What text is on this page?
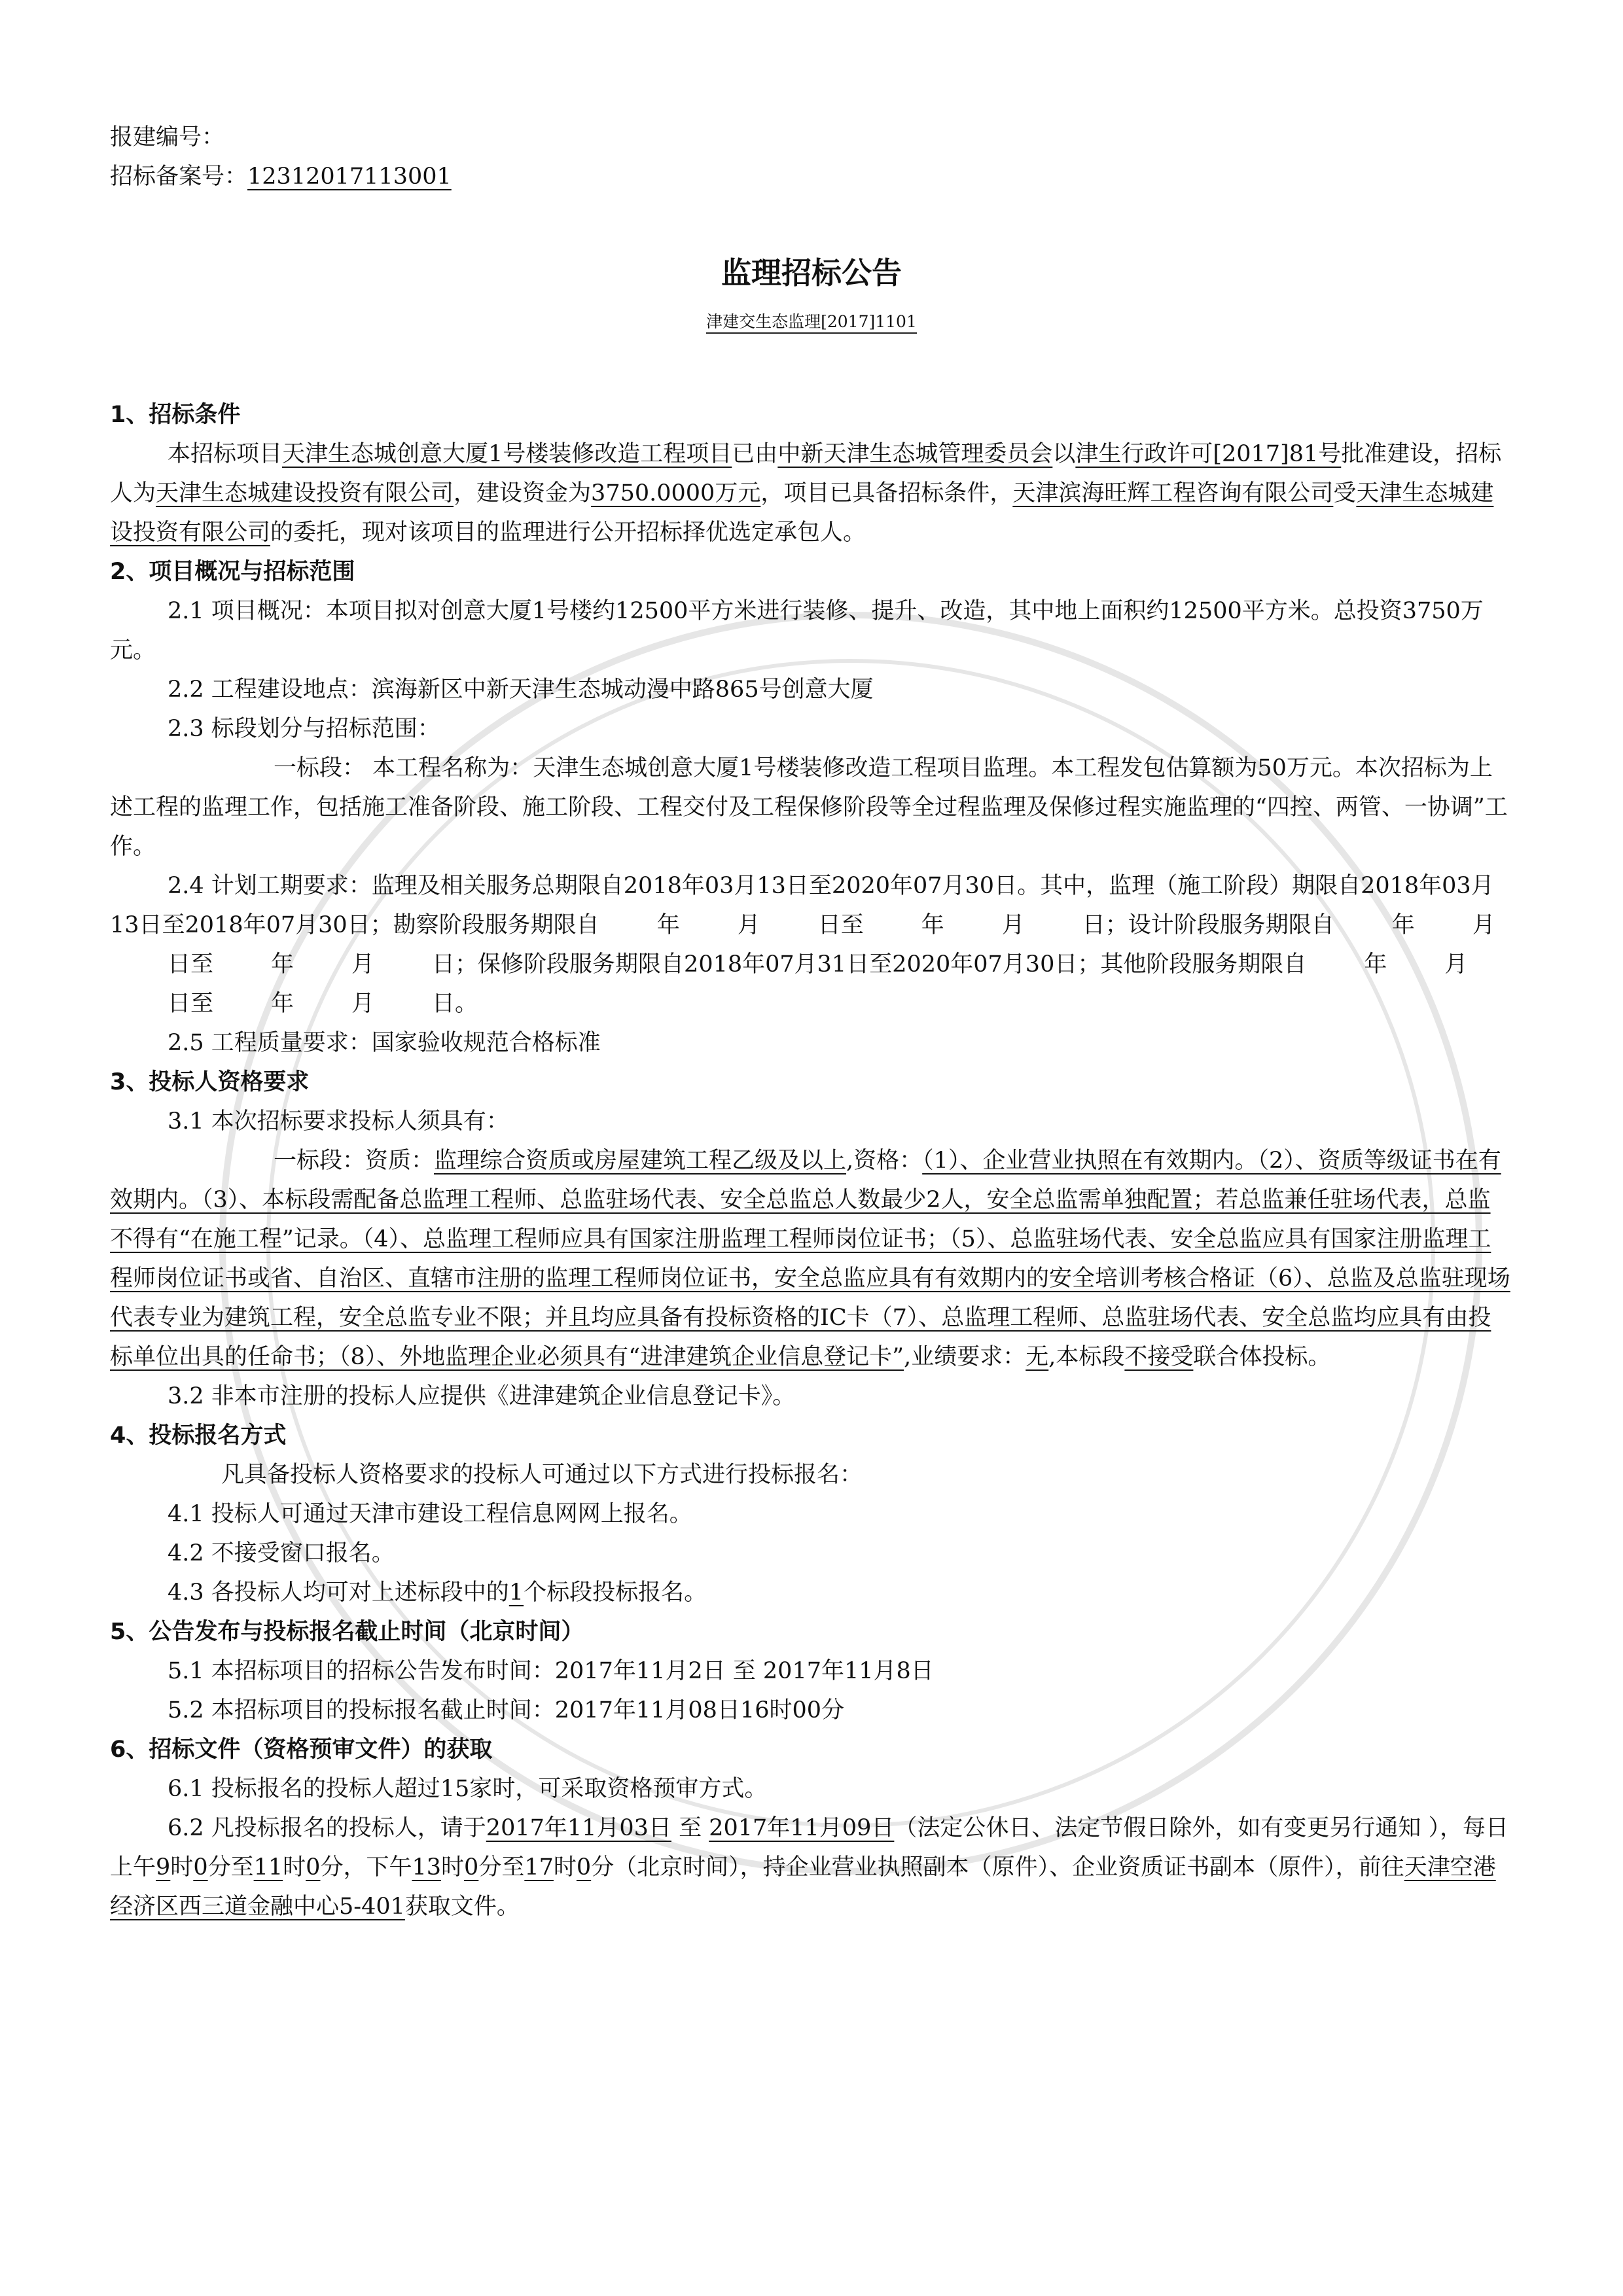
报建编号：

招标备案号：12312017113001

监理招标公告
津建交生态监理[2017]1101

1、招标条件

本招标项目天津生态城创意大厦1号楼装修改造工程项目已由中新天津生态城管理委员会以津生行政许可[2017]81号批准建设，招标人为天津生态城建设投资有限公司，建设资金为3750.0000万元，项目已具备招标条件，天津滨海旺辉工程咨询有限公司受天津生态城建设投资有限公司的委托，现对该项目的监理进行公开招标择优选定承包人。

2、项目概况与招标范围

2.1 项目概况：本项目拟对创意大厦1号楼约12500平方米进行装修、提升、改造，其中地上面积约12500平方米。总投资3750万元。

2.2 工程建设地点：滨海新区中新天津生态城动漫中路865号创意大厦

2.3 标段划分与招标范围：

一标段： 本工程名称为：天津生态城创意大厦1号楼装修改造工程项目监理。本工程发包估算额为50万元。本次招标为上述工程的监理工作，包括施工准备阶段、施工阶段、工程交付及工程保修阶段等全过程监理及保修过程实施监理的“四控、两管、一协调”工作。

2.4 计划工期要求：监理及相关服务总期限自2018年03月13日至2020年07月30日。其中，监理（施工阶段）期限自2018年03月13日至2018年07月30日；勘察阶段服务期限自	年	月	日至	年	月	日；设计阶段服务期限自	年	月日至	年	月	日；保修阶段服务期限自2018年07月31日至2020年07月30日；其他阶段服务期限自	年	月日至	年	月	日。

2.5 工程质量要求：国家验收规范合格标准

3、投标人资格要求

3.1 本次招标要求投标人须具有：

一标段：资质：监理综合资质或房屋建筑工程乙级及以上,资格：（1）、企业营业执照在有效期内。（2）、资质等级证书在有效期内。（3）、本标段需配备总监理工程师、总监驻场代表、安全总监总人数最少2人，安全总监需单独配置；若总监兼任驻场代表，总监不得有“在施工程”记录。（4）、总监理工程师应具有国家注册监理工程师岗位证书；（5）、总监驻场代表、安全总监应具有国家注册监理工程师岗位证书或省、自治区、直辖市注册的监理工程师岗位证书，安全总监应具有有效期内的安全培训考核合格证（6）、总监及总监驻现场代表专业为建筑工程，安全总监专业不限；并且均应具备有投标资格的IC卡（7）、总监理工程师、总监驻场代表、安全总监均应具有由投标单位出具的任命书；（8）、外地监理企业必须具有“进津建筑企业信息登记卡”,业绩要求：无,本标段不接受联合体投标。

3.2 非本市注册的投标人应提供《进津建筑企业信息登记卡》。

4、投标报名方式

凡具备投标人资格要求的投标人可通过以下方式进行投标报名：

4.1 投标人可通过天津市建设工程信息网网上报名。

4.2 不接受窗口报名。

4.3 各投标人均可对上述标段中的1个标段投标报名。

5、公告发布与投标报名截止时间（北京时间）

5.1 本招标项目的招标公告发布时间：2017年11月2日 至 2017年11月8日

5.2 本招标项目的投标报名截止时间：2017年11月08日16时00分

6、招标文件（资格预审文件）的获取

6.1 投标报名的投标人超过15家时，可采取资格预审方式。

6.2 凡投标报名的投标人，请于2017年11月03日 至 2017年11月09日（法定公休日、法定节假日除外，如有变更另行通知 ），每日上午9时0分至11时0分，下午13时0分至17时0分（北京时间），持企业营业执照副本（原件）、企业资质证书副本（原件），前往天津空港经济区西三道金融中心5-401获取文件。
